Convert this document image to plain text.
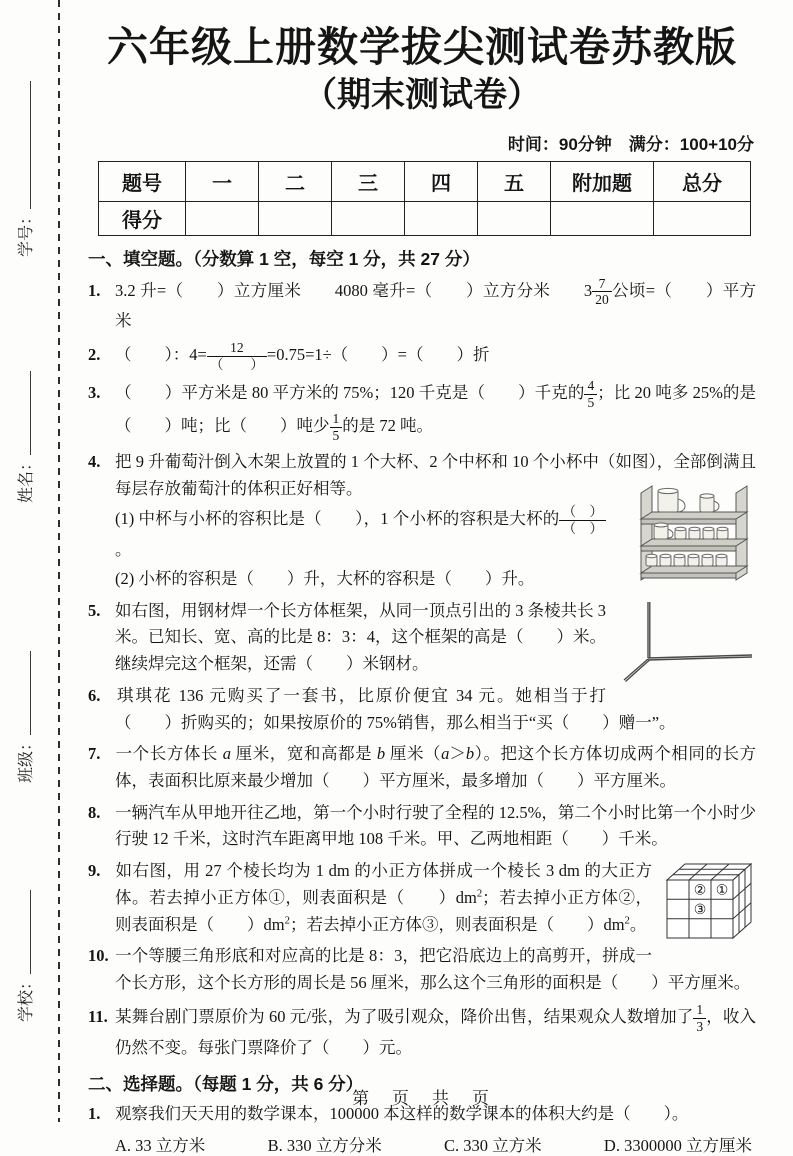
学号：
姓名：
班级：
学校：
六年级上册数学拔尖测试卷苏教版
（期末测试卷）
时间：90分钟　满分：100+10分
题号	一	二	三	四	五	附加题	总分
得分							
一、填空题。（分数算 1 空，每空 1 分，共 27 分）
1. 3.2 升=（　　）立方厘米　　4080 毫升=（　　）立方分米　　$3 \frac{7}{20}$ 公顷=（　　）平方米
2. （　　）：$4= \frac{12}{( )} =0.75=1\div$（　　）=（　　）折
3. （　　）平方米是 80 平方米的 75%；120 千克是（　　）千克的 $\frac{4}{5}$ ；比 20 吨多 25%的是（　　）吨；比（　　）吨少 $\frac{1}{5}$ 的是 72 吨。
4. 把 9 升葡萄汁倒入木架上放置的 1 个大杯、2 个中杯和 10 个小杯中（如图），全部倒满且每层存放葡萄汁的体积正好相等。
(1) 中杯与小杯的容积比是（　　），1 个小杯的容积是大杯的 $\frac{( )}{( )}$
。
(2) 小杯的容积是（　　）升，大杯的容积是（　　）升。
5. 如右图，用钢材焊一个长方体框架，从同一顶点引出的 3 条棱共长 3 米。已知长、宽、高的比是 8：3：4，这个框架的高是（　　）米。继续焊完这个框架，还需（　　）米钢材。
6. 琪琪花 136 元购买了一套书，比原价便宜 34 元。她相当于打（　　）折购买的；如果按原价的 75%销售，那么相当于“买（　　）赠一”。
7. 一个长方体长 a 厘米，宽和高都是 b 厘米（a＞b）。把这个长方体切成两个相同的长方体，表面积比原来最少增加（　　）平方厘米，最多增加（　　）平方厘米。
8. 一辆汽车从甲地开往乙地，第一个小时行驶了全程的 12.5%，第二个小时比第一个小时少行驶 12 千米，这时汽车距离甲地 108 千米。甲、乙两地相距（　　）千米。
② ①
③
9. 如右图，用 27 个棱长均为 1 dm 的小正方体拼成一个棱长 3 dm 的大正方体。若去掉小正方体①，则表面积是（　　）$dm^2$；若去掉小正方体②，则表面积是（　　）$dm^2$；若去掉小正方体③，则表面积是（　　）$dm^2$。
10. 一个等腰三角形底和对应高的比是 8：3，把它沿底边上的高剪开，拼成一个长方形，这个长方形的周长是 56 厘米，那么这个三角形的面积是（　　）平方厘米。
11. 某舞台剧门票原价为 60 元/张，为了吸引观众，降价出售，结果观众人数增加了 $\frac{1}{3}$ ，收入仍然不变。每张门票降价了（　　）元。
二、选择题。（每题 1 分，共 6 分）
1. 观察我们天天用的数学课本，100000 本这样的数学课本的体积大约是（　　）。
A. 33 立方米	B. 330 立方分米	C. 330 立方米	D. 3300000 立方厘米
第　页　共　页
